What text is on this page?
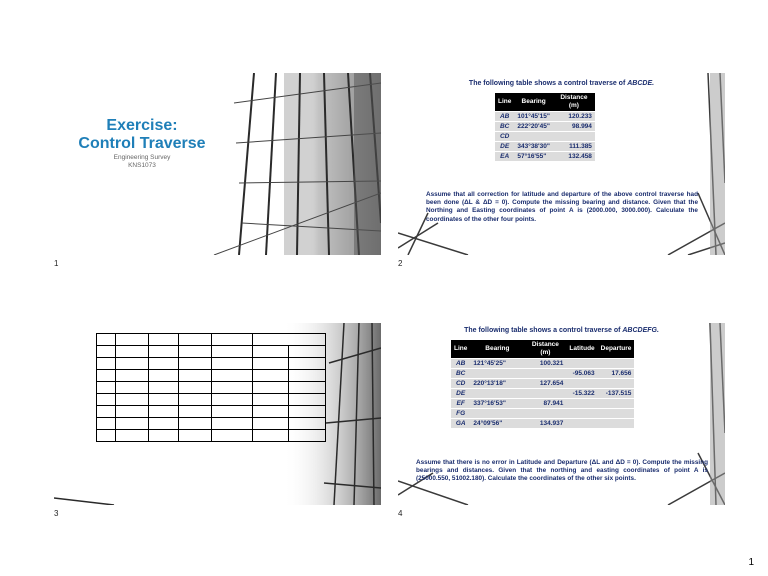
Exercise:
Control Traverse
Engineering Survey
KNS1073
1
The following table shows a control traverse of ABCDE.
Line	Bearing	Distance (m)
AB	101°45'15"	120.233
BC	222°20'45"	98.994
CD		
DE	343°38'30"	111.385
EA	57°16'55"	132.458
Assume that all correction for latitude and departure of the above control traverse had been done (ΔL & ΔD = 0). Compute the missing bearing and distance. Given that the Northing and Easting coordinates of point A is (2000.000, 3000.000). Calculate the coordinates of the other four points.
2

3
The following table shows a control traverse of ABCDEFG.
Line	Bearing	Distance (m)	Latitude	Departure
AB	121°45'25"	100.321		
BC			-95.063	17.656
CD	220°13'18"	127.654		
DE			-15.322	-137.515
EF	337°16'53"	87.941		
FG				
GA	24°09'56"	134.937		
Assume that there is no error in Latitude and Departure (ΔL and ΔD = 0). Compute the missing bearings and distances. Given that the northing and easting coordinates of point A is (25000.550, 51002.180). Calculate the coordinates of the other six points.
4
1
